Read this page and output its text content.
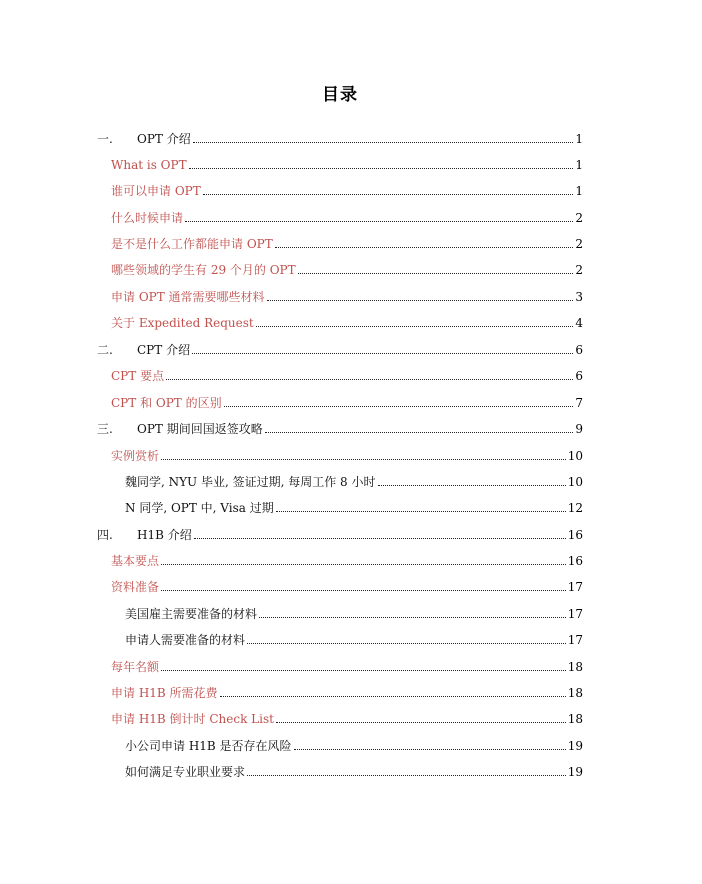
目录
一. OPT 介绍	1
What is OPT	1
谁可以申请 OPT	1
什么时候申请	2
是不是什么工作都能申请 OPT	2
哪些领域的学生有 29 个月的 OPT	2
申请 OPT 通常需要哪些材料	3
关于 Expedited Request	4
二. CPT 介绍	6
CPT 要点	6
CPT 和 OPT 的区别	7
三. OPT 期间回国返签攻略	9
实例赏析	10
魏同学, NYU 毕业, 签证过期, 每周工作 8 小时	10
N 同学, OPT 中, Visa 过期	12
四. H1B 介绍	16
基本要点	16
资料准备	17
美国雇主需要准备的材料	17
申请人需要准备的材料	17
每年名额	18
申请 H1B 所需花费	18
申请 H1B 倒计时 Check List	18
小公司申请 H1B 是否存在风险	19
如何满足专业职业要求	19
